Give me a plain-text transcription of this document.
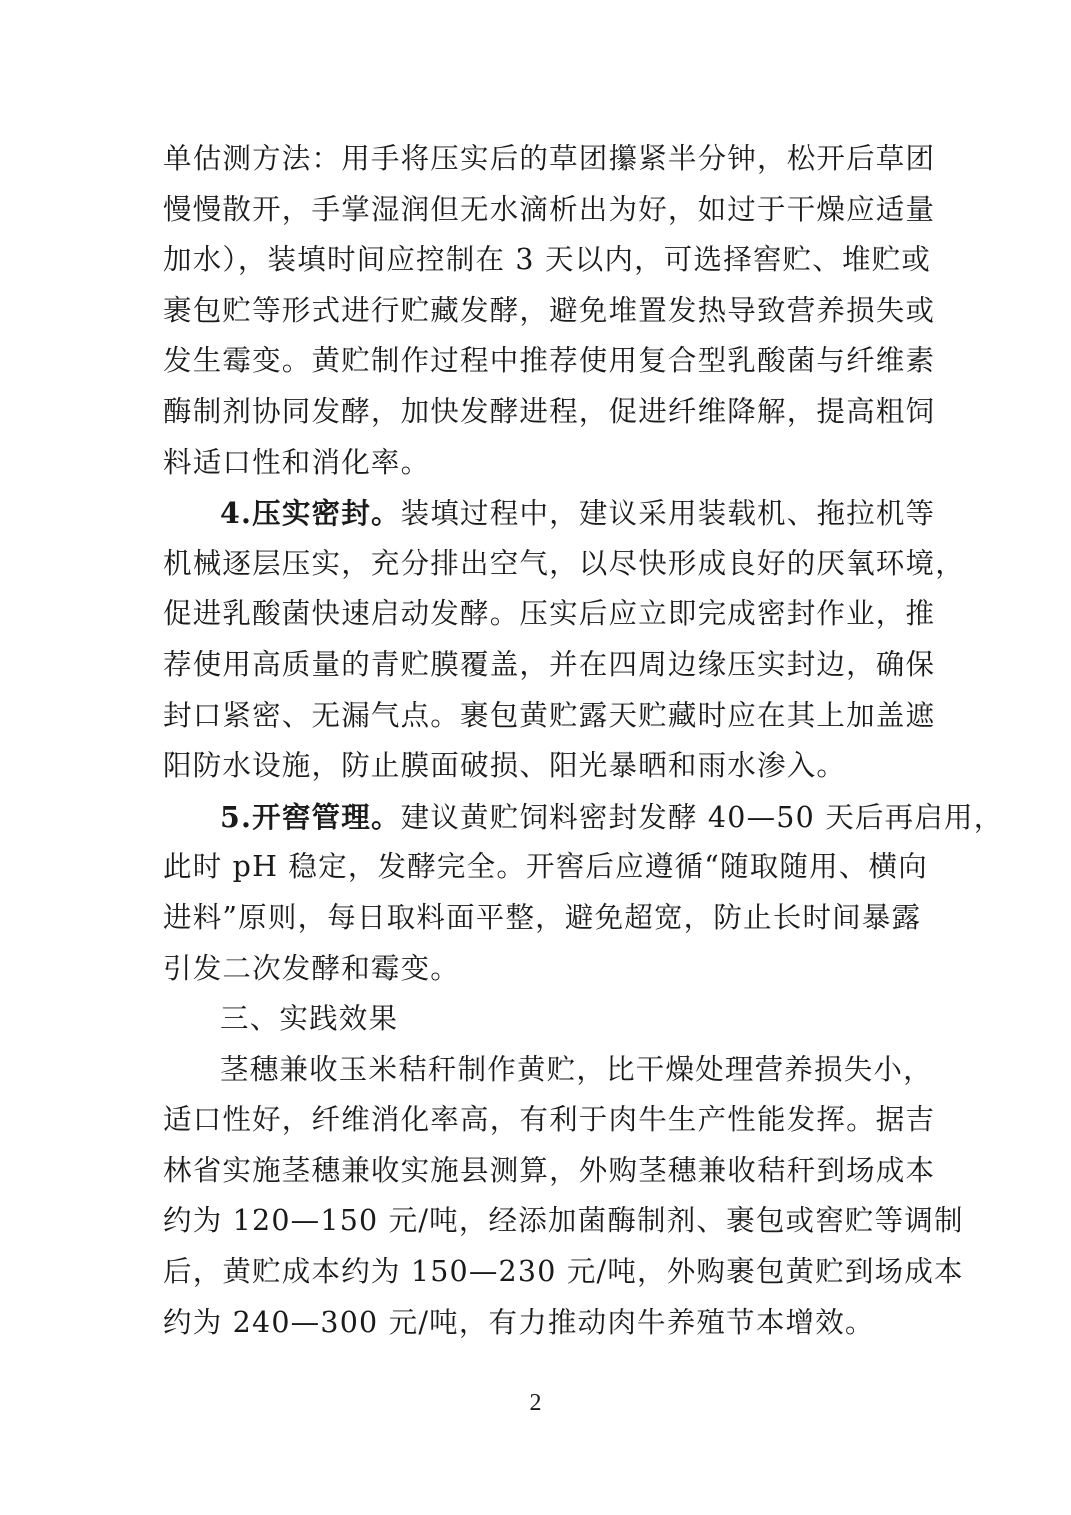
单估测方法：用手将压实后的草团攥紧半分钟，松开后草团
慢慢散开，手掌湿润但无水滴析出为好，如过于干燥应适量
加水），装填时间应控制在 3 天以内，可选择窖贮、堆贮或
裹包贮等形式进行贮藏发酵，避免堆置发热导致营养损失或
发生霉变。黄贮制作过程中推荐使用复合型乳酸菌与纤维素
酶制剂协同发酵，加快发酵进程，促进纤维降解，提高粗饲
料适口性和消化率。
4.压实密封。装填过程中，建议采用装载机、拖拉机等
机械逐层压实，充分排出空气，以尽快形成良好的厌氧环境，
促进乳酸菌快速启动发酵。压实后应立即完成密封作业，推
荐使用高质量的青贮膜覆盖，并在四周边缘压实封边，确保
封口紧密、无漏气点。裹包黄贮露天贮藏时应在其上加盖遮
阳防水设施，防止膜面破损、阳光暴晒和雨水渗入。
5.开窖管理。建议黄贮饲料密封发酵 40—50 天后再启用，
此时 pH 稳定，发酵完全。开窖后应遵循“随取随用、横向
进料”原则，每日取料面平整，避免超宽，防止长时间暴露
引发二次发酵和霉变。
三、实践效果
茎穗兼收玉米秸秆制作黄贮，比干燥处理营养损失小，
适口性好，纤维消化率高，有利于肉牛生产性能发挥。据吉
林省实施茎穗兼收实施县测算，外购茎穗兼收秸秆到场成本
约为 120—150 元/吨，经添加菌酶制剂、裹包或窖贮等调制
后，黄贮成本约为 150—230 元/吨，外购裹包黄贮到场成本
约为 240—300 元/吨，有力推动肉牛养殖节本增效。
2
